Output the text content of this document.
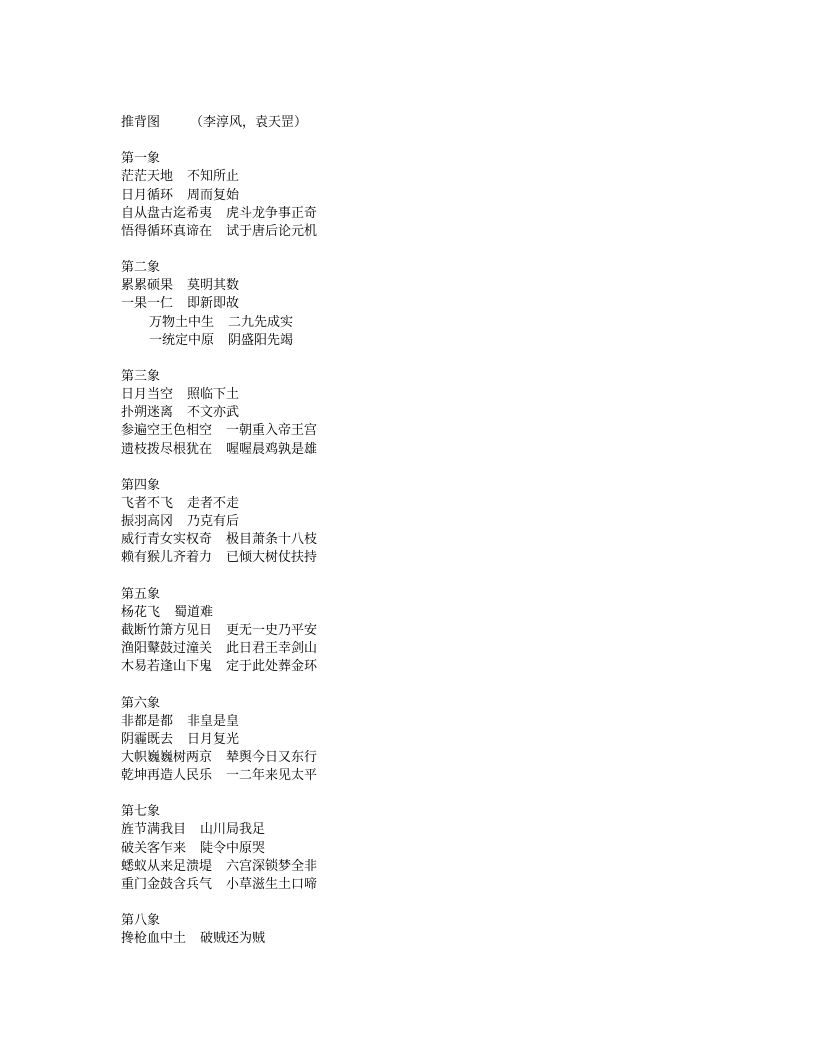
推背图 （李淳风，袁天罡）
第一象
茫茫天地 不知所止
日月循环 周而复始
自从盘古迄希夷 虎斗龙争事正奇
悟得循环真谛在 试于唐后论元机
第二象
累累硕果 莫明其数
一果一仁 即新即故
万物土中生 二九先成实
一统定中原 阴盛阳先竭
第三象
日月当空 照临下土
扑朔迷离 不文亦武
参遍空王色相空 一朝重入帝王宫
遗枝拨尽根犹在 喔喔晨鸡孰是雄
第四象
飞者不飞 走者不走
振羽高冈 乃克有后
威行青女实权奇 极目萧条十八枝
赖有猴儿齐着力 已倾大树仗扶持
第五象
杨花飞 蜀道难
截断竹箫方见日 更无一史乃平安
渔阳鼙鼓过潼关 此日君王幸剑山
木易若逢山下鬼 定于此处葬金环
第六象
非都是都 非皇是皇
阴霾既去 日月复光
大帜巍巍树两京 辇舆今日又东行
乾坤再造人民乐 一二年来见太平
第七象
旌节满我目 山川局我足
破关客乍来 陡令中原哭
蟋蚁从来足溃堤 六宫深锁梦全非
重门金鼓含兵气 小草滋生土口啼
第八象
搀枪血中土 破贼还为贼
